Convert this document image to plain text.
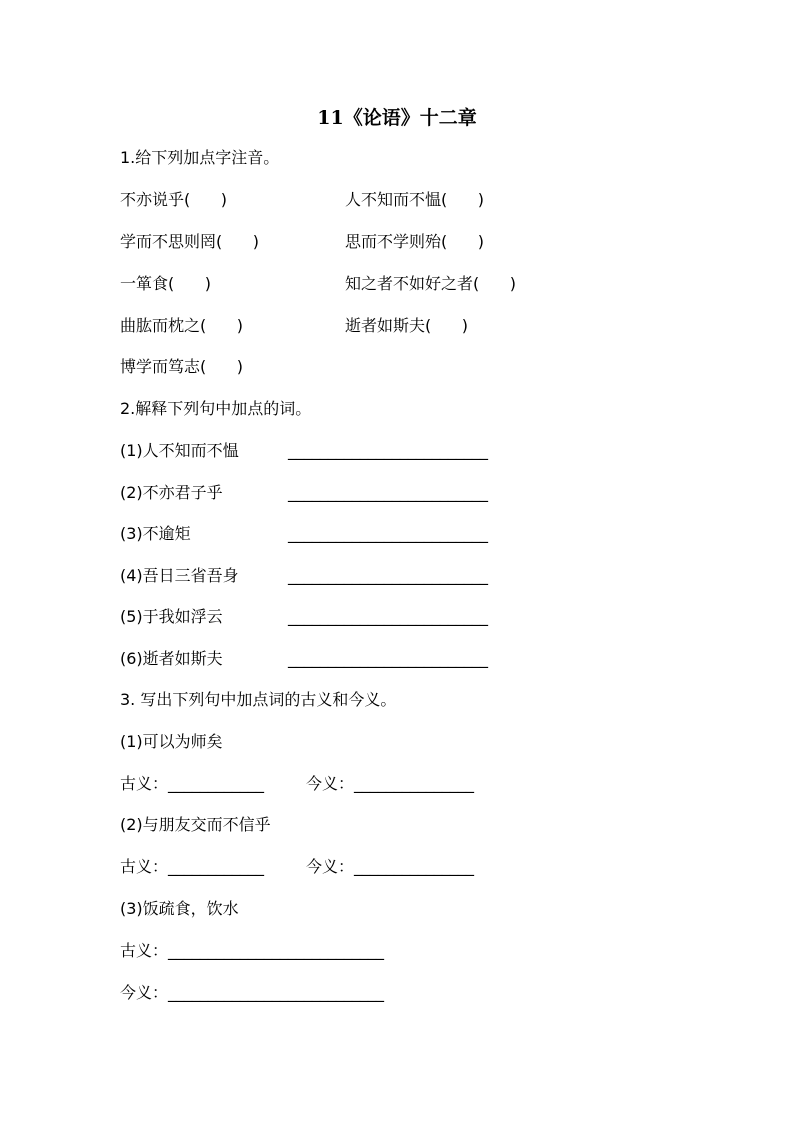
11《论语》十二章
1.给下列加点字注音。
不亦说乎(      )	人不知而不愠(      )
学而不思则罔(      )	思而不学则殆(      )
一箪食(      )	知之者不如好之者(      )
曲肱而枕之(      )	逝者如斯夫(      )
博学而笃志(      )
2.解释下列句中加点的词。
(1)人不知而不愠	_________________________
(2)不亦君子乎	_________________________
(3)不逾矩	_________________________
(4)吾日三省吾身	_________________________
(5)于我如浮云	_________________________
(6)逝者如斯夫	_________________________
3. 写出下列句中加点词的古义和今义。
(1)可以为师矣
古义：____________	今义：_______________
(2)与朋友交而不信乎
古义：____________	今义：_______________
(3)饭疏食，饮水
古义：___________________________
今义：___________________________
